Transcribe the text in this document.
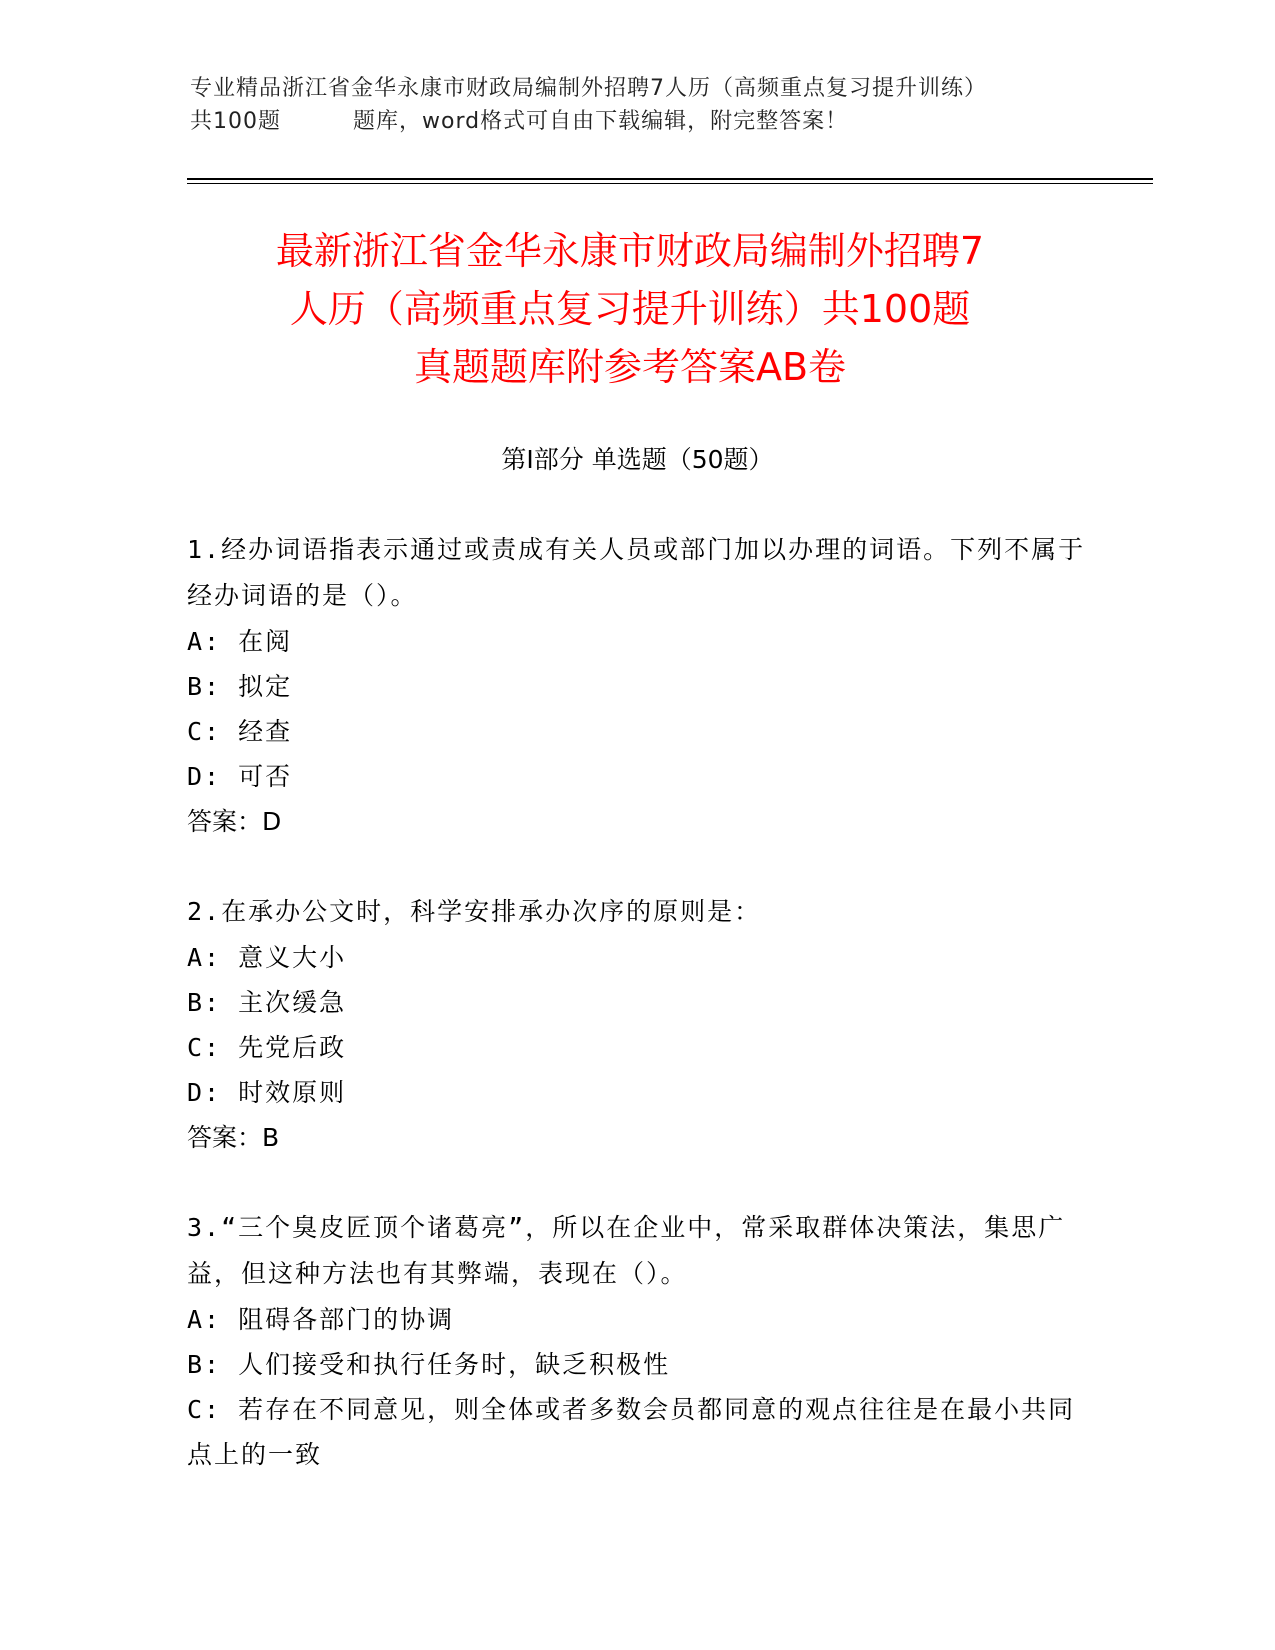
专业精品浙江省金华永康市财政局编制外招聘7人历（高频重点复习提升训练）
共100题	题库，word格式可自由下载编辑，附完整答案！
最新浙江省金华永康市财政局编制外招聘7
人历（高频重点复习提升训练）共100题
真题题库附参考答案AB卷
第Ⅰ部分 单选题（50题）
1.经办词语指表示通过或责成有关人员或部门加以办理的词语。下列不属于经办词语的是（）。
A: 在阅
B: 拟定
C: 经查
D: 可否
答案：D
2.在承办公文时，科学安排承办次序的原则是：
A: 意义大小
B: 主次缓急
C: 先党后政
D: 时效原则
答案：B
3.“三个臭皮匠顶个诸葛亮”，所以在企业中，常采取群体决策法，集思广益，但这种方法也有其弊端，表现在（）。
A: 阻碍各部门的协调
B: 人们接受和执行任务时，缺乏积极性
C: 若存在不同意见，则全体或者多数会员都同意的观点往往是在最小共同点上的一致
